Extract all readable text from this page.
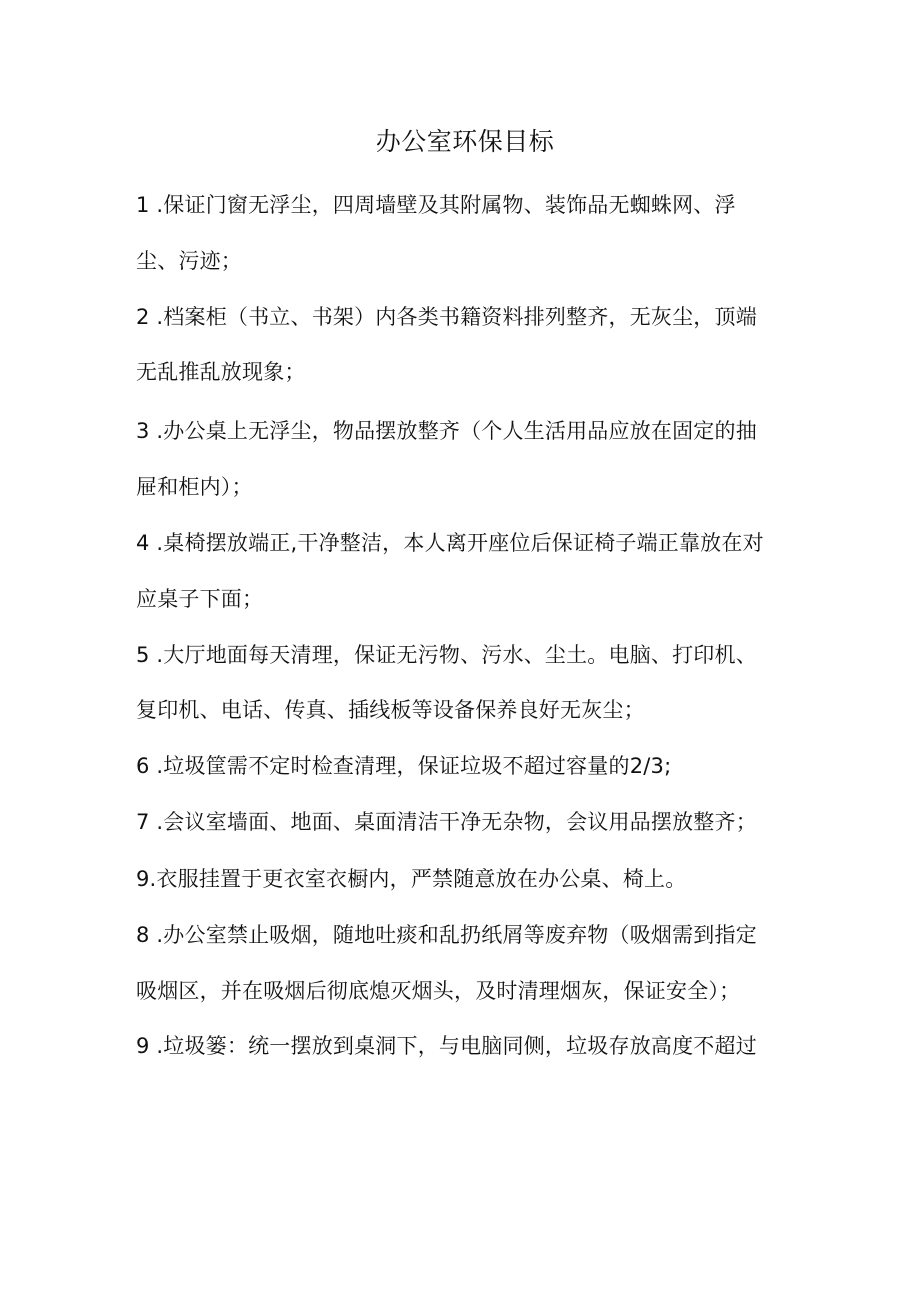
办公室环保目标
1 .保证门窗无浮尘，四周墙壁及其附属物、装饰品无蜘蛛网、浮
尘、污迹；
2 .档案柜（书立、书架）内各类书籍资料排列整齐，无灰尘，顶端
无乱推乱放现象；
3 .办公桌上无浮尘，物品摆放整齐（个人生活用品应放在固定的抽
屉和柜内）；
4 .桌椅摆放端正,干净整洁，本人离开座位后保证椅子端正靠放在对
应桌子下面；
5 .大厅地面每天清理，保证无污物、污水、尘土。电脑、打印机、
复印机、电话、传真、插线板等设备保养良好无灰尘；
6 .垃圾筐需不定时检查清理，保证垃圾不超过容量的2/3;
7 .会议室墙面、地面、桌面清洁干净无杂物，会议用品摆放整齐；
9.衣服挂置于更衣室衣橱内，严禁随意放在办公桌、椅上。
8 .办公室禁止吸烟，随地吐痰和乱扔纸屑等废弃物（吸烟需到指定
吸烟区，并在吸烟后彻底熄灭烟头，及时清理烟灰，保证安全）；
9 .垃圾篓：统一摆放到桌洞下，与电脑同侧，垃圾存放高度不超过
